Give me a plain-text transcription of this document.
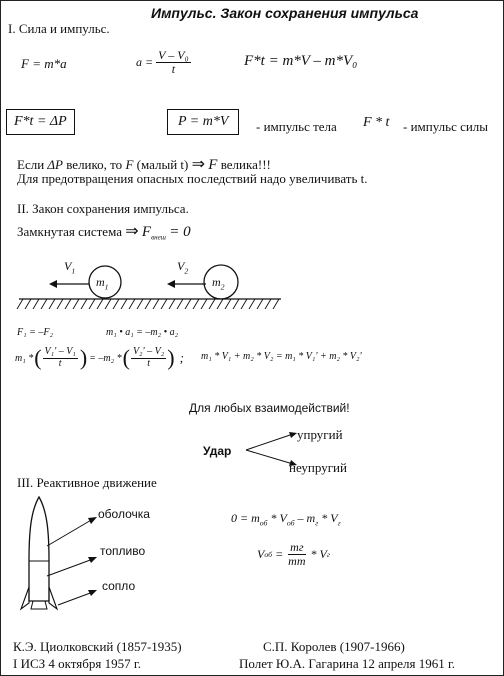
Импульс. Закон сохранения импульса
I. Сила и импульс.
F = m*a	$a = \frac{\text{V – V₀}}{t}$	F*t = m*V – m*V₀
F*t = ΔP	P = m*V	- импульс тела F * t - импульс силы
Если ΔP велико, то F (малый t) ⇒ F велика!!!
Для предотвращения опасных последствий надо увеличивать t.
II. Закон сохранения импульса.
Замкнутая система ⇒ $F_{внеш} = 0$
$V_1$	$V_2$
$m_1$	$m_2$
F₁ = –F₂	m₁ • a₁ = –m₂ • a₂
m₁ * ( $\frac{\text{V₁' – V₁}}{t}$ ) = –m₂ * ( $\frac{\text{V₂' – V₂}}{t}$ ) ; m₁ * V₁ + m₂ * V₂ = m₁ * V₁' + m₂ * V₂'
Для любых взаимодействий!
Удар
упругий
неупругий
III. Реактивное движение
оболочка
топливо
сопло
$0 = m_{об} * V_{об} - m_г * V_г$
V об = $\frac{mг}{mт}$ * V г
К.Э. Циолковский (1857-1935)
I ИСЗ 4 октября 1957 г.
С.П. Королев (1907-1966)
Полет Ю.А. Гагарина 12 апреля 1961 г.
